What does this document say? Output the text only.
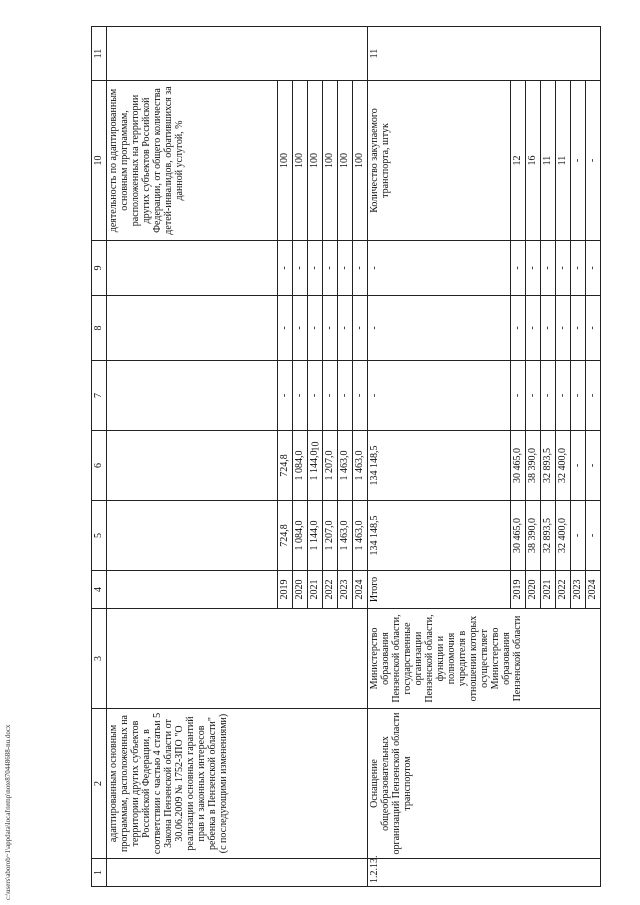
10
1	2	3	4	5	6	7	8	9	10	11
	адаптированным основным программам, расположенных на территории других субъектов Российской Федерации, в соответствии с частью 4 статьи 5 Закона Пензенской области от 30.06.2009 № 1752-ЗПО "О реализации основных гарантий прав и законных интересов ребенка в Пензенской области" (с последующими изменениями)								деятельность по адаптированным основным программам, расположенных на территории других субъектов Российской Федерации, от общего количества детей-инвалидов, обратившихся за данной услугой, %	
			2019	724,8	724,8	-	-	-	100	
			2020	1 084,0	1 084,0	-	-	-	100	
			2021	1 144,0	1 144,0	-	-	-	100	
			2022	1 207,0	1 207,0	-	-	-	100	
			2023	1 463,0	1 463,0	-	-	-	100	
			2024	1 463,0	1 463,0	-	-	-	100	
1.2.13.	Оснащение общеобразовательных организаций Пензенской области транспортом	Министерство образования Пензенской области, государственные организации Пензенской области, функции и полномочия учредителя в отношении которых осуществляет Министерство образования Пензенской области	Итого	134 148,5	134 148,5	-	-	-	Количество закупаемого транспорта, штук	11
			2019	30 465,0	30 465,0	-	-	-	12	
			2020	38 390,0	38 390,0	-	-	-	16	
			2021	32 893,5	32 893,5	-	-	-	11	
			2022	32 400,0	32 400,0	-	-	-	11	
			2023	-	-	-	-	-	-	
			2024	-	-	-	-	-	-	
c:\users\aborob~1\appdata\local\temp\note870448688-nu.docx
